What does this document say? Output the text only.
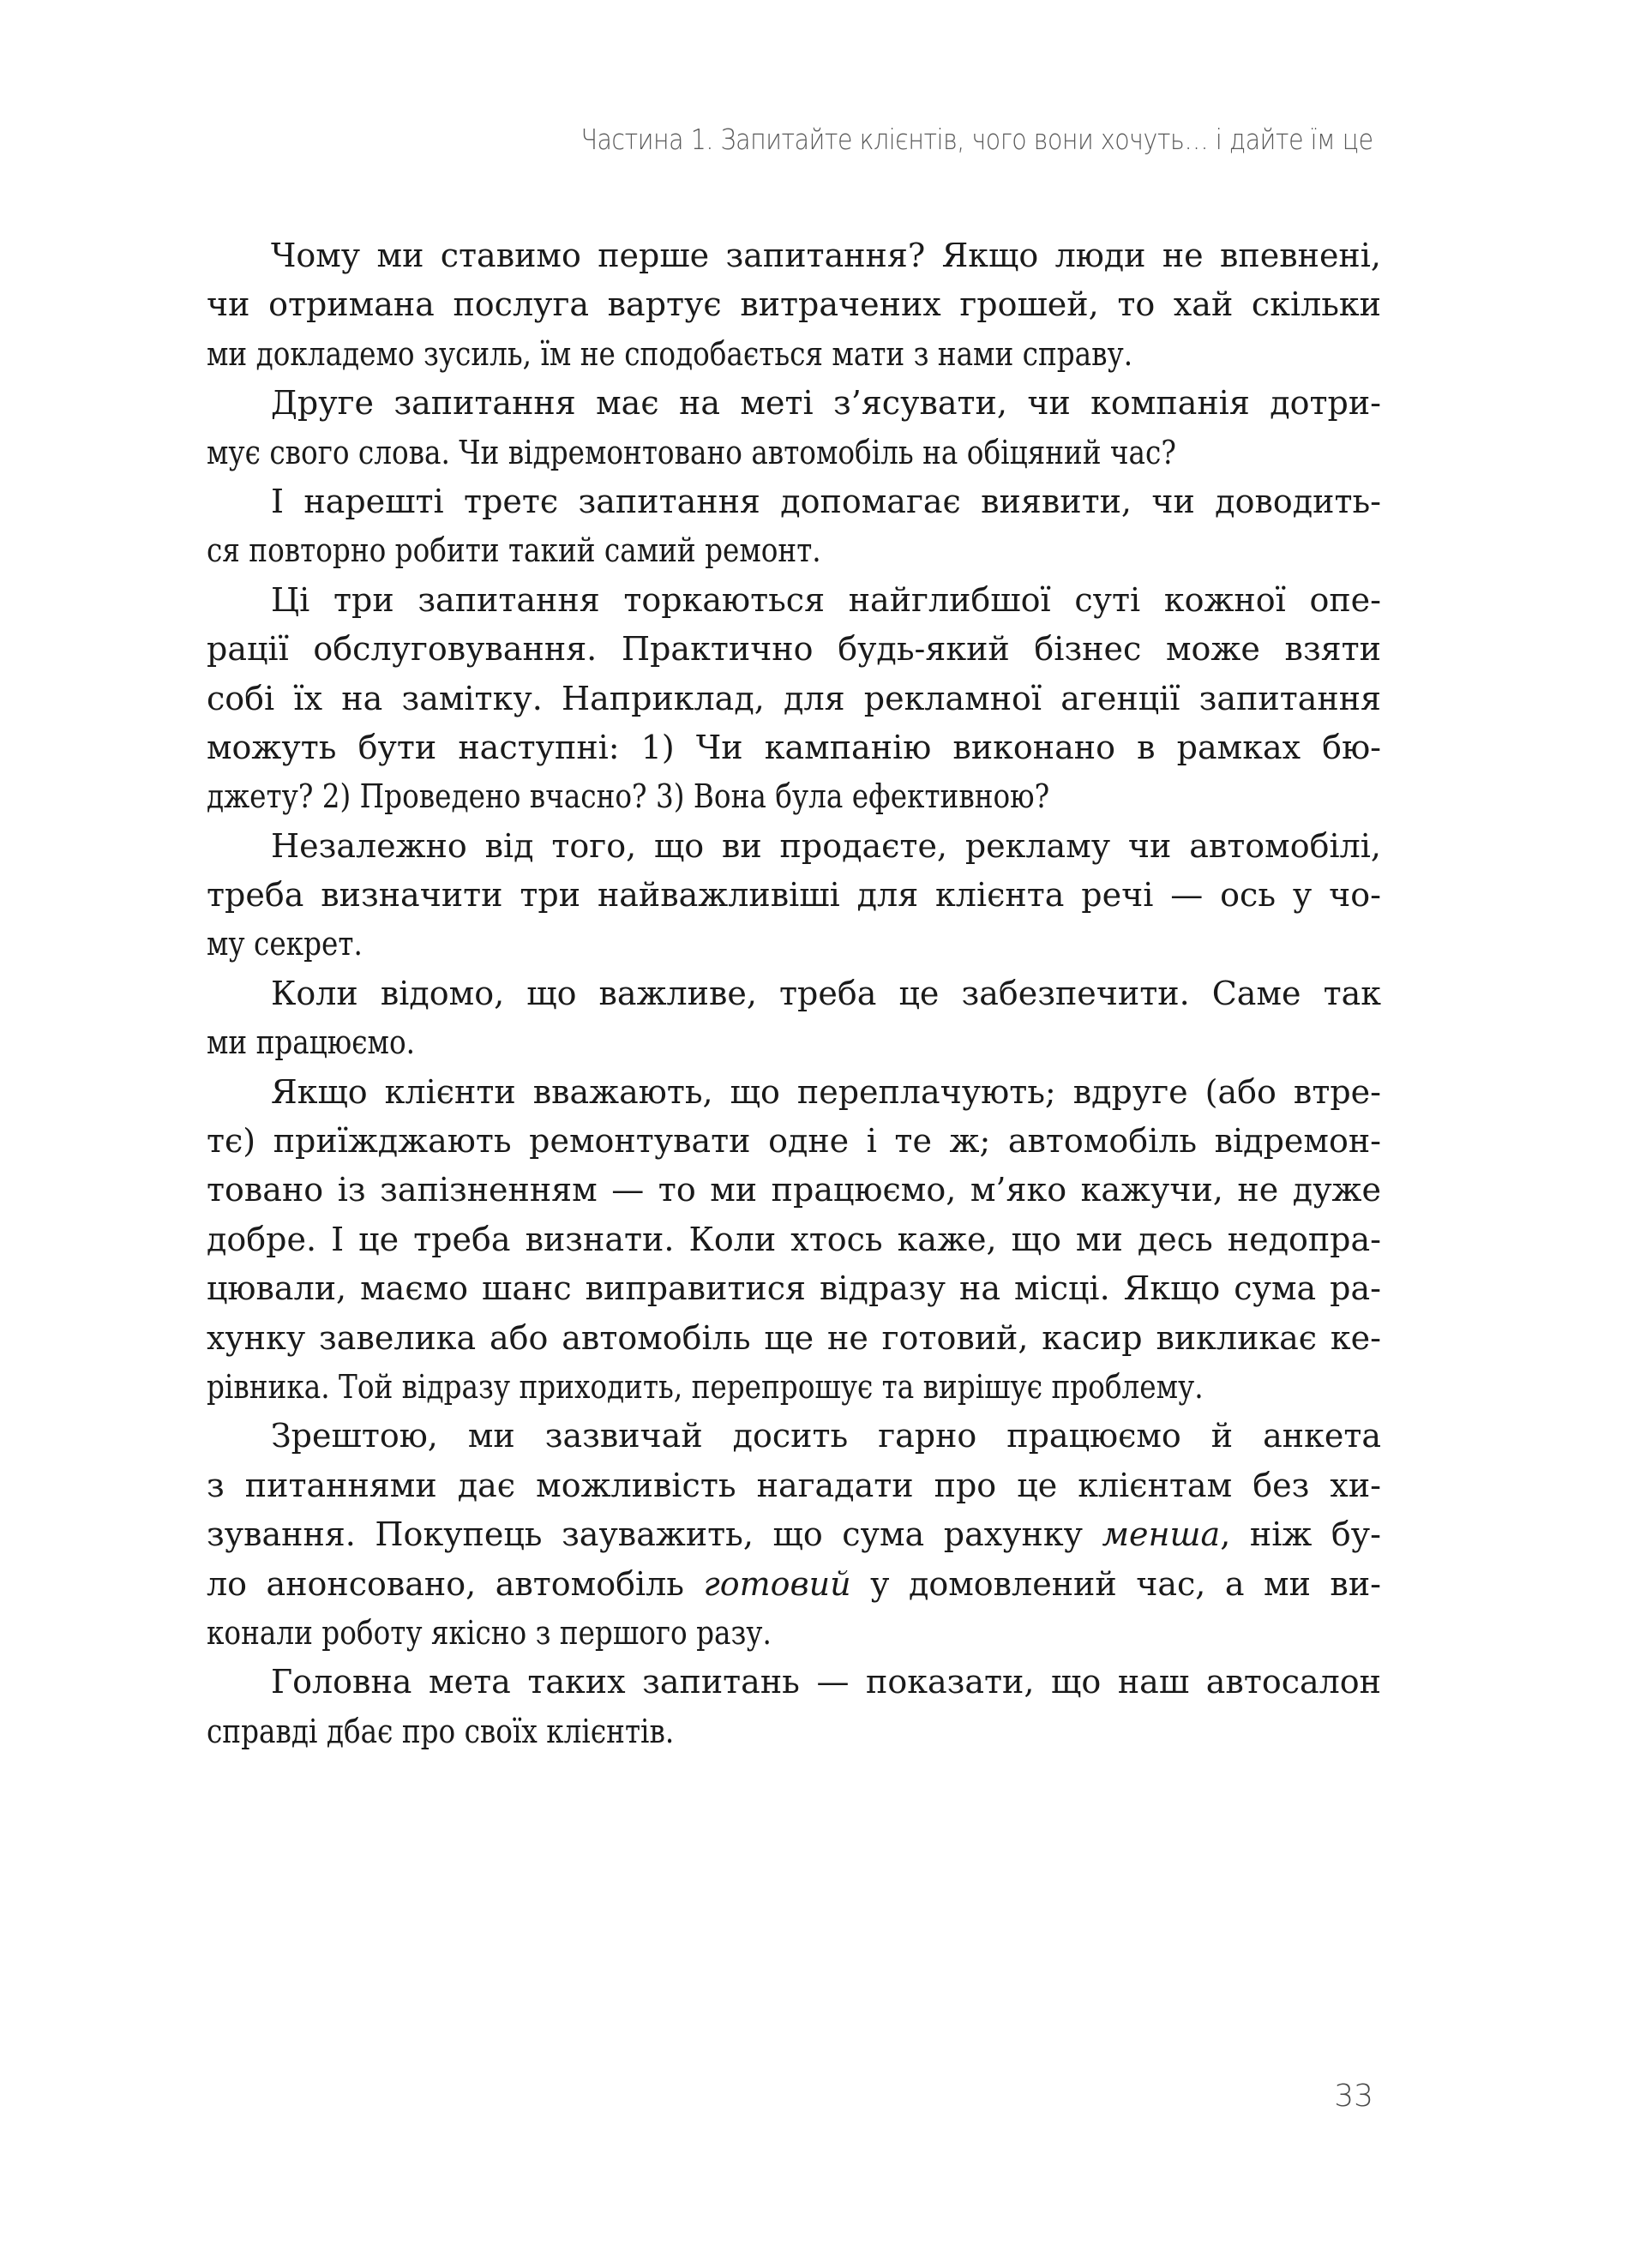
Частина 1. Запитайте клієнтів, чого вони хочуть… і дайте їм це
Чому ми ставимо перше запитання? Якщо люди не впевнені,
чи отримана послуга вартує витрачених грошей, то хай скільки
ми докладемо зусиль, їм не сподобається мати з нами справу.
Друге запитання має на меті з’ясувати, чи компанія дотри-
мує свого слова. Чи відремонтовано автомобіль на обіцяний час?
І нарешті третє запитання допомагає виявити, чи доводить-
ся повторно робити такий самий ремонт.
Ці три запитання торкаються найглибшої суті кожної опе-
рації обслуговування. Практично будь-який бізнес може взяти
собі їх на замітку. Наприклад, для рекламної агенції запитання
можуть бути наступні: 1) Чи кампанію виконано в рамках бю-
джету? 2) Проведено вчасно? 3) Вона була ефективною?
Незалежно від того, що ви продаєте, рекламу чи автомобілі,
треба визначити три найважливіші для клієнта речі — ось у чо-
му секрет.
Коли відомо, що важливе, треба це забезпечити. Саме так
ми працюємо.
Якщо клієнти вважають, що переплачують; вдруге (або втре-
тє) приїжджають ремонтувати одне і те ж; автомобіль відремон-
товано із запізненням — то ми працюємо, м’яко кажучи, не дуже
добре. І це треба визнати. Коли хтось каже, що ми десь недопра-
цювали, маємо шанс виправитися відразу на місці. Якщо сума ра-
хунку завелика або автомобіль ще не готовий, касир викликає ке-
рівника. Той відразу приходить, перепрошує та вирішує проблему.
Зрештою, ми зазвичай досить гарно працюємо й анкета
з питаннями дає можливість нагадати про це клієнтам без хи-
зування. Покупець зауважить, що сума рахунку менша, ніж бу-
ло анонсовано, автомобіль готовий у домовлений час, а ми ви-
конали роботу якісно з першого разу.
Головна мета таких запитань — показати, що наш автосалон
справді дбає про своїх клієнтів.
33
